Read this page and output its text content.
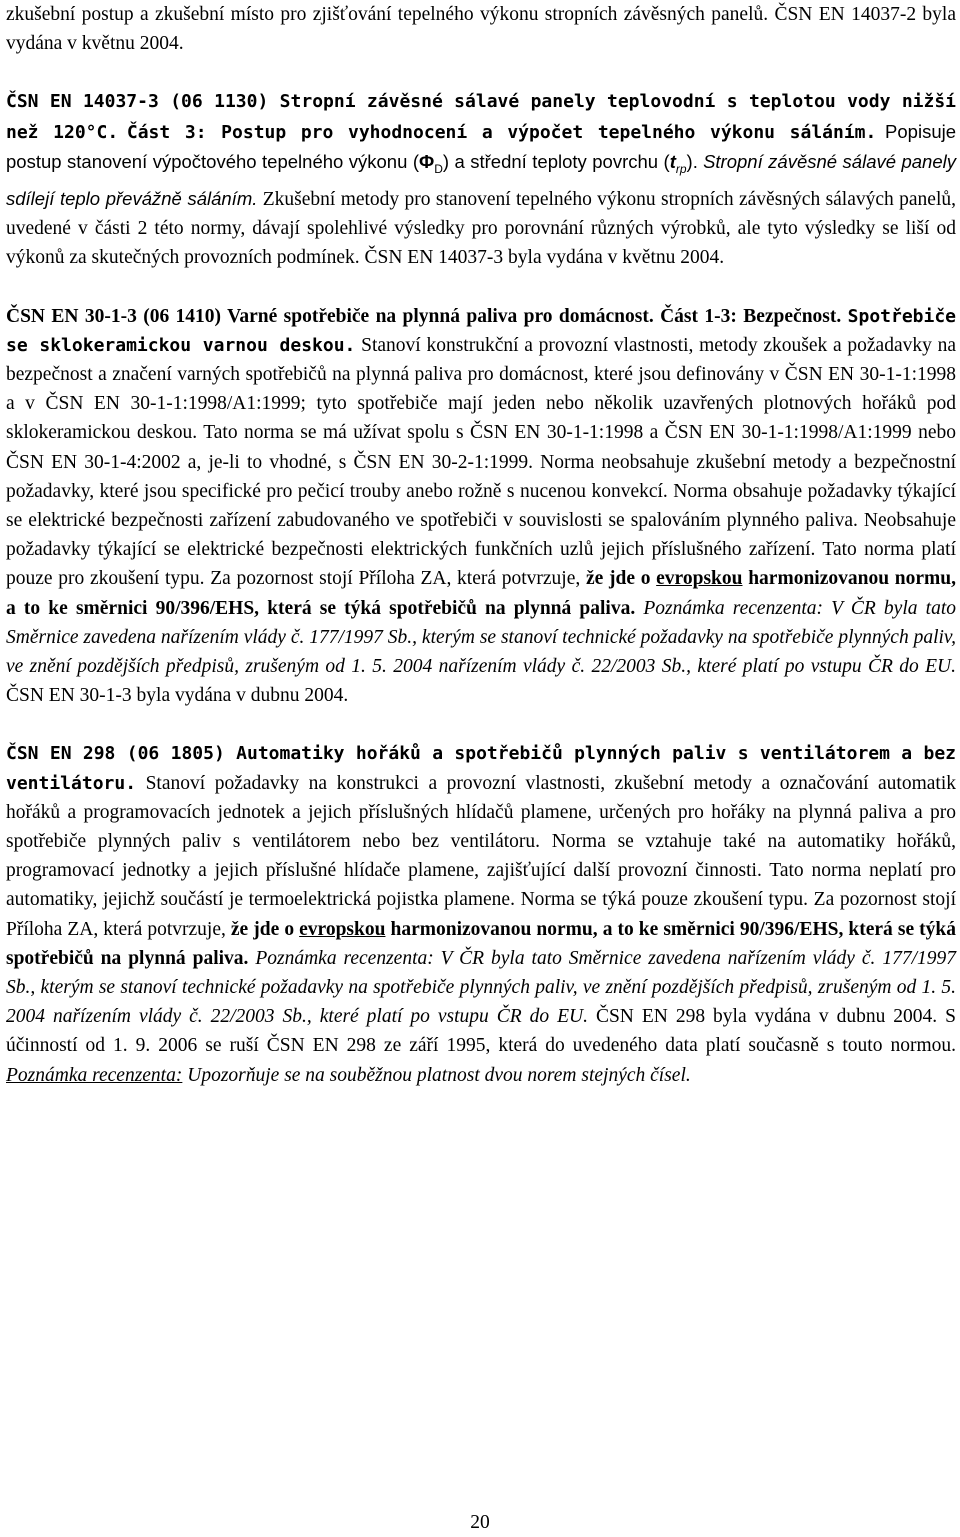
zkušební postup a zkušební místo pro zjišťování tepelného výkonu stropních závěsných panelů. ČSN EN 14037-2 byla vydána v květnu 2004.

ČSN EN 14037-3 (06 1130) Stropní závěsné sálavé panely teplovodní s teplotou vody nižší než 120°C. Část 3: Postup pro vyhodnocení a výpočet tepelného výkonu sáláním. Popisuje postup stanovení výpočtového tepelného výkonu $(\Phi_D)$ a střední teploty povrchu $(t_{rp})$. Stropní závěsné sálavé panely sdílejí teplo převážně sáláním. Zkušební metody pro stanovení tepelného výkonu stropních závěsných sálavých panelů, uvedené v části 2 této normy, dávají spolehlivé výsledky pro porovnání různých výrobků, ale tyto výsledky se liší od výkonů za skutečných provozních podmínek. ČSN EN 14037-3 byla vydána v květnu 2004.

ČSN EN 30-1-3 (06 1410) Varné spotřebiče na plynná paliva pro domácnost. Část 1-3: Bezpečnost. Spotřebiče se sklokeramickou varnou deskou. Stanoví konstrukční a provozní vlastnosti, metody zkoušek a požadavky na bezpečnost a značení varných spotřebičů na plynná paliva pro domácnost, které jsou definovány v ČSN EN 30-1-1:1998 a v ČSN EN 30-1-1:1998/A1:1999; tyto spotřebiče mají jeden nebo několik uzavřených plotnových hořáků pod sklokeramickou deskou. Tato norma se má užívat spolu s ČSN EN 30-1-1:1998 a ČSN EN 30-1-1:1998/A1:1999 nebo ČSN EN 30-1-4:2002 a, je-li to vhodné, s ČSN EN 30-2-1:1999. Norma neobsahuje zkušební metody a bezpečnostní požadavky, které jsou specifické pro pečicí trouby anebo rožně s nucenou konvekcí. Norma obsahuje požadavky týkající se elektrické bezpečnosti zařízení zabudovaného ve spotřebiči v souvislosti se spalováním plynného paliva. Neobsahuje požadavky týkající se elektrické bezpečnosti elektrických funkčních uzlů jejich příslušného zařízení. Tato norma platí pouze pro zkoušení typu. Za pozornost stojí Příloha ZA, která potvrzuje, že jde o evropskou harmonizovanou normu, a to ke směrnici 90/396/EHS, která se týká spotřebičů na plynná paliva. Poznámka recenzenta: V ČR byla tato Směrnice zavedena nařízením vlády č. 177/1997 Sb., kterým se stanoví technické požadavky na spotřebiče plynných paliv, ve znění pozdějších předpisů, zrušeným od 1. 5. 2004 nařízením vlády č. 22/2003 Sb., které platí po vstupu ČR do EU. ČSN EN 30-1-3 byla vydána v dubnu 2004.

ČSN EN 298 (06 1805) Automatiky hořáků a spotřebičů plynných paliv s ventilátorem a bez ventilátoru. Stanoví požadavky na konstrukci a provozní vlastnosti, zkušební metody a označování automatik hořáků a programovacích jednotek a jejich příslušných hlídačů plamene, určených pro hořáky na plynná paliva a pro spotřebiče plynných paliv s ventilátorem nebo bez ventilátoru. Norma se vztahuje také na automatiky hořáků, programovací jednotky a jejich příslušné hlídače plamene, zajišťující další provozní činnosti. Tato norma neplatí pro automatiky, jejichž součástí je termoelektrická pojistka plamene. Norma se týká pouze zkoušení typu. Za pozornost stojí Příloha ZA, která potvrzuje, že jde o evropskou harmonizovanou normu, a to ke směrnici 90/396/EHS, která se týká spotřebičů na plynná paliva. Poznámka recenzenta: V ČR byla tato Směrnice zavedena nařízením vlády č. 177/1997 Sb., kterým se stanoví technické požadavky na spotřebiče plynných paliv, ve znění pozdějších předpisů, zrušeným od 1. 5. 2004 nařízením vlády č. 22/2003 Sb., které platí po vstupu ČR do EU. ČSN EN 298 byla vydána v dubnu 2004. S účinností od 1. 9. 2006 se ruší ČSN EN 298 ze září 1995, která do uvedeného data platí současně s touto normou. Poznámka recenzenta: Upozorňuje se na souběžnou platnost dvou norem stejných čísel.

20
